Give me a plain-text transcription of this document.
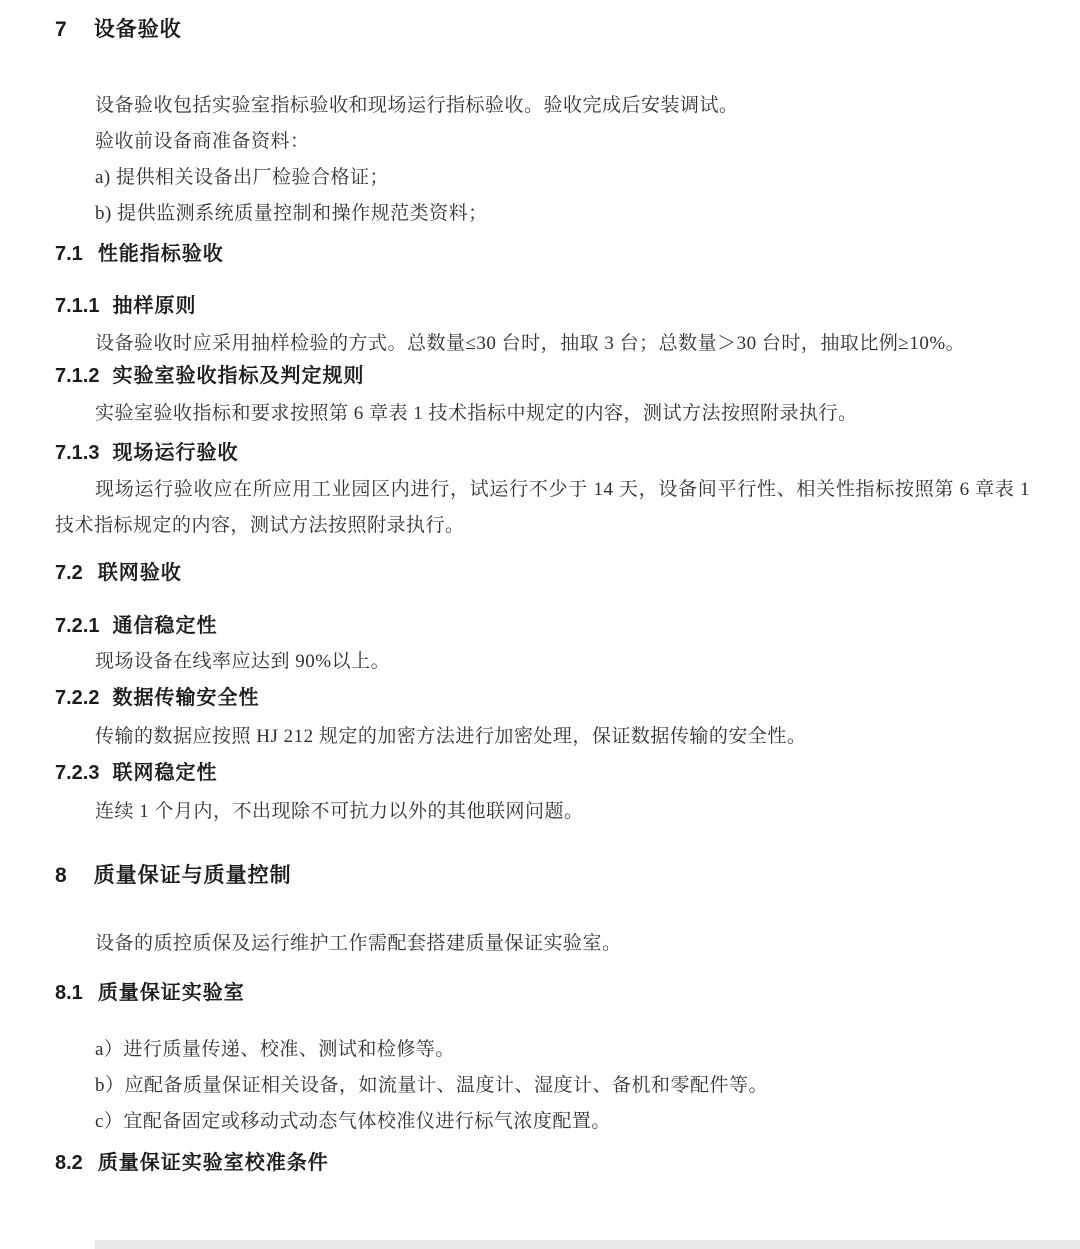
7 设备验收

设备验收包括实验室指标验收和现场运行指标验收。验收完成后安装调试。

验收前设备商准备资料：

a) 提供相关设备出厂检验合格证；

b) 提供监测系统质量控制和操作规范类资料；

7.1 性能指标验收
7.1.1 抽样原则

设备验收时应采用抽样检验的方式。总数量≤30 台时，抽取 3 台；总数量＞30 台时，抽取比例≥10%。

7.1.2 实验室验收指标及判定规则

实验室验收指标和要求按照第 6 章表 1 技术指标中规定的内容，测试方法按照附录执行。

7.1.3 现场运行验收

现场运行验收应在所应用工业园区内进行，试运行不少于 14 天，设备间平行性、相关性指标按照第 6 章表 1 技术指标规定的内容，测试方法按照附录执行。

7.2 联网验收
7.2.1 通信稳定性

现场设备在线率应达到 90%以上。

7.2.2 数据传输安全性

传输的数据应按照 HJ 212 规定的加密方法进行加密处理，保证数据传输的安全性。

7.2.3 联网稳定性

连续 1 个月内，不出现除不可抗力以外的其他联网问题。

8 质量保证与质量控制

设备的质控质保及运行维护工作需配套搭建质量保证实验室。

8.1 质量保证实验室

a）进行质量传递、校准、测试和检修等。

b）应配备质量保证相关设备，如流量计、温度计、湿度计、备机和零配件等。

c）宜配备固定或移动式动态气体校准仪进行标气浓度配置。

8.2 质量保证实验室校准条件
